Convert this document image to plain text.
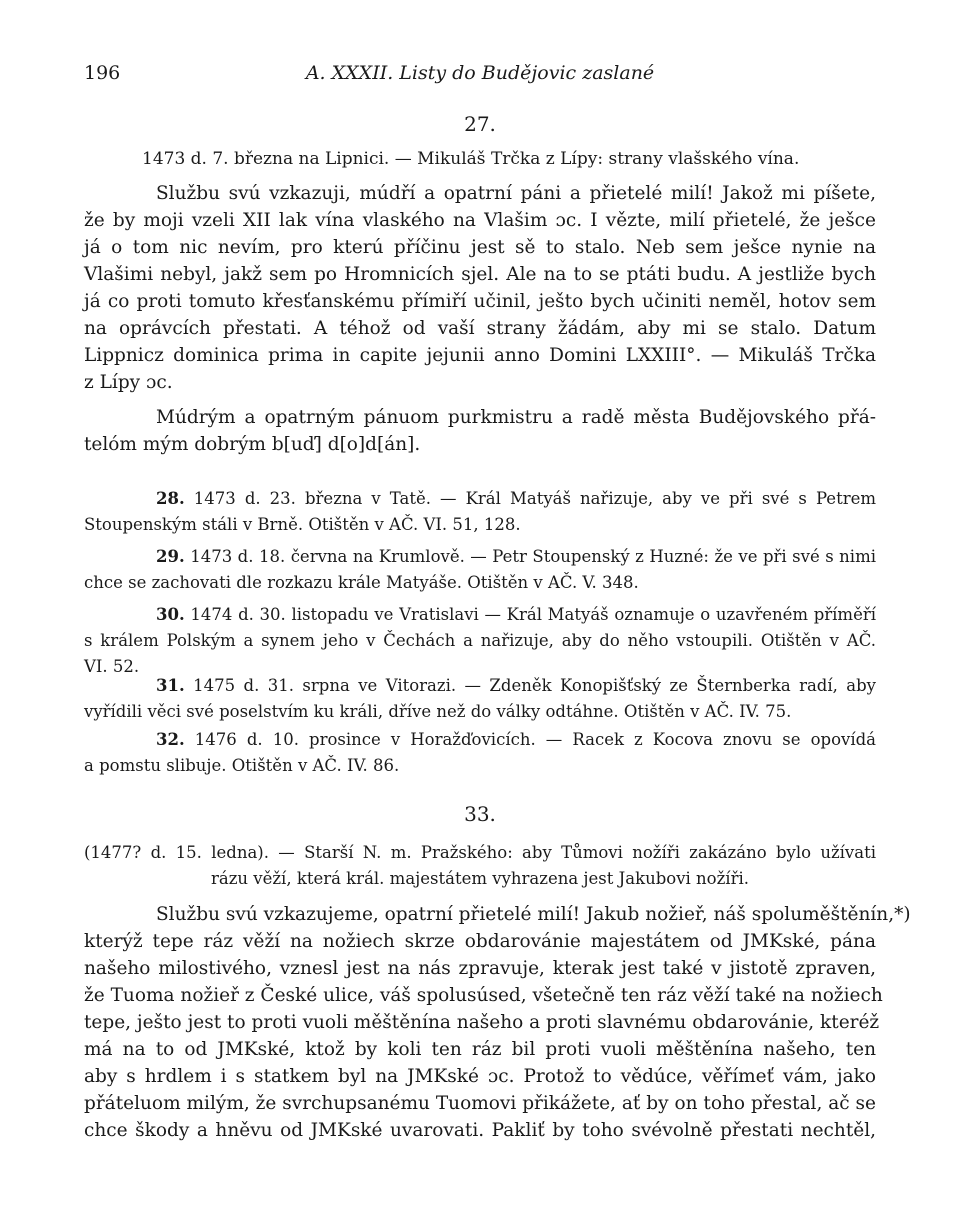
196	A. XXXII. Listy do Budějovic zaslané
27.
1473 d. 7. března na Lipnici. — Mikuláš Trčka z Lípy: strany vlašského vína.
Službu svú vzkazuji, múdří a opatrní páni a přietelé milí! Jakož mi píšete,
že by moji vzeli XII lak vína vlaského na Vlašim ɔc. I vězte, milí přietelé, že ješce
já o tom nic nevím, pro kterú příčinu jest sě to stalo. Neb sem ješce nynie na
Vlašimi nebyl, jakž sem po Hromnicích sjel. Ale na to se ptáti budu. A jestliže bych
já co proti tomuto křesťanskému přímiří učinil, ješto bych učiniti neměl, hotov sem
na oprávcích přestati. A téhož od vaší strany žádám, aby mi se stalo. Datum
Lippnicz dominica prima in capite jejunii anno Domini LXXIII°. — Mikuláš Trčka
z Lípy ɔc.
Múdrým a opatrným pánuom purkmistru a radě města Budějovského přá-
telóm mým dobrým b[uď] d[o]d[án].
28. 1473 d. 23. března v Tatě. — Král Matyáš nařizuje, aby ve při své s Petrem
Stoupenským stáli v Brně. Otištěn v AČ. VI. 51, 128.
29. 1473 d. 18. června na Krumlově. — Petr Stoupenský z Huzné: že ve při své s nimi
chce se zachovati dle rozkazu krále Matyáše. Otištěn v AČ. V. 348.
30. 1474 d. 30. listopadu ve Vratislavi — Král Matyáš oznamuje o uzavřeném příměří
s králem Polským a synem jeho v Čechách a nařizuje, aby do něho vstoupili. Otištěn v AČ.
VI. 52.
31. 1475 d. 31. srpna ve Vitorazi. — Zdeněk Konopišťský ze Šternberka radí, aby
vyřídili věci své poselstvím ku králi, dříve než do války odtáhne. Otištěn v AČ. IV. 75.
32. 1476 d. 10. prosince v Horažďovicích. — Racek z Kocova znovu se opovídá
a pomstu slibuje. Otištěn v AČ. IV. 86.
33.
(1477? d. 15. ledna). — Starší N. m. Pražského: aby Tůmovi nožíři zakázáno bylo užívati
rázu věží, která král. majestátem vyhrazena jest Jakubovi nožíři.
Službu svú vzkazujeme, opatrní přietelé milí! Jakub nožieř, náš spoluměštěnín,*)
kterýž tepe ráz věží na nožiech skrze obdarovánie majestátem od JMKské, pána
našeho milostivého, vznesl jest na nás zpravuje, kterak jest také v jistotě zpraven,
že Tuoma nožieř z České ulice, váš spolusúsed, všetečně ten ráz věží také na nožiech
tepe, ješto jest to proti vuoli měštěnína našeho a proti slavnému obdarovánie, kteréž
má na to od JMKské, ktož by koli ten ráz bil proti vuoli měštěnína našeho, ten
aby s hrdlem i s statkem byl na JMKské ɔc. Protož to vědúce, věřímeť vám, jako
přáteluom milým, že svrchupsanému Tuomovi přikážete, ať by on toho přestal, ač se
chce škody a hněvu od JMKské uvarovati. Pakliť by toho svévolně přestati nechtěl,
